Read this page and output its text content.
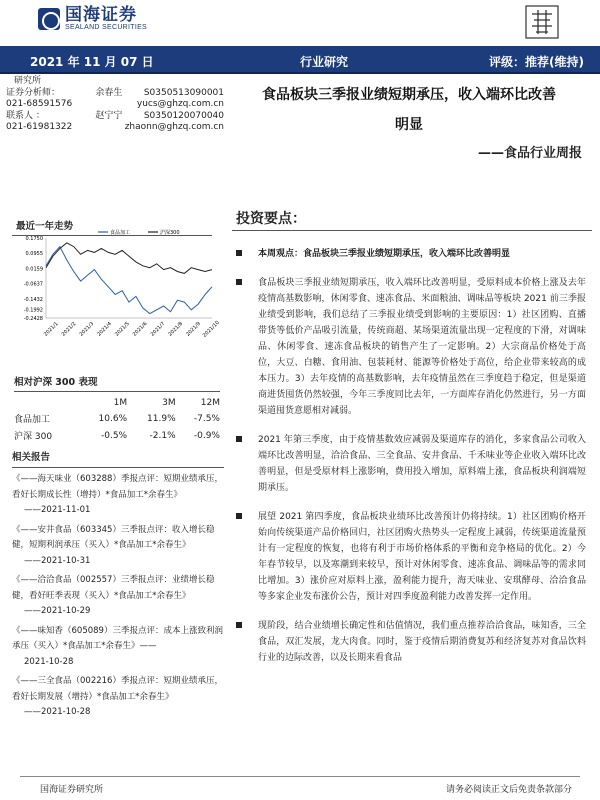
国海证券
SEALAND SECURITIES
2021 年 11 月 07 日	行业研究	评级：推荐(维持)
研究所
证券分析师：	余春生	S0350513090001
021-68591576	yucs@ghzq.com.cn
联系人 ：	赵宁宁	S0350120070040
021-61981322	zhaonn@ghzq.com.cn
最近一年走势
食品加工	沪深300
0.1750
0.0955
0.0159
-0.0637
-0.1432
-0.1992
-0.2428
2021/1 2021/2 2021/3 2021/4 2021/5 2021/6 2021/7 2021/8 2021/9 2021/10
相对沪深 300 表现
	1M	3M	12M
食品加工	10.6%	11.9%	-7.5%
沪深 300	-0.5%	-2.1%	-0.9%
相关报告
《——海天味业（603288）季报点评：短期业绩承压，看好长期成长性（增持）*食品加工*余春生》
——2021-11-01
《——安井食品（603345）三季报点评：收入增长稳健，短期利润承压（买入）*食品加工*余春生》
——2021-10-31
《——洽洽食品（002557）三季报点评：业绩增长稳健，看好旺季表现（买入）*食品加工*余春生》
——2021-10-29
《——味知香（605089）三季报点评：成本上涨致利润承压（买入）*食品加工*余春生》——
2021-10-28
《——三全食品（002216）季报点评：短期业绩承压，看好长期发展（增持）*食品加工*余春生》
——2021-10-28
食品板块三季报业绩短期承压，收入端环比改善
明显
——食品行业周报
投资要点：
本周观点：食品板块三季报业绩短期承压，收入端环比改善明显
食品板块三季报业绩短期承压，收入端环比改善明显，受原料成本价格上涨及去年疫情高基数影响，休闲零食、速冻食品、米面粮油、调味品等板块 2021 前三季报业绩受到影响，我们总结了三季报业绩受到影响的主要原因：1）社区团购、直播带货等低价产品吸引流量，传统商超、某场渠道流量出现一定程度的下滑，对调味品、休闲零食、速冻食品板块的销售产生了一定影响。2）大宗商品价格处于高位，大豆、白糖、食用油、包装耗材、能源等价格处于高位，给企业带来较高的成本压力。3）去年疫情的高基数影响，去年疫情虽然在三季度趋于稳定，但是渠道商进货囤货仍然较强，今年三季度同比去年，一方面库存消化仍然进行，另一方面渠道囤货意愿相对减弱。
2021 年第三季度，由于疫情基数效应减弱及渠道库存的消化，多家食品公司收入端环比改善明显，洽洽食品、三全食品、安井食品、千禾味业等企业收入端环比改善明显，但是受原材料上涨影响，费用投入增加，原料端上涨，食品板块利润端短期承压。
展望 2021 第四季度，食品板块业绩环比改善预计仍将持续。1）社区团购价格开始向传统渠道产品价格回归，社区团购火热势头一定程度上减弱，传统渠道流量预计有一定程度的恢复，也将有利于市场价格体系的平衡和竞争格局的优化。2）今年春节较早，以及寒潮到来较早，预计对休闲零食、速冻食品、调味品等的需求同比增加。3）涨价应对原料上涨，盈利能力提升，海天味业、安琪酵母、洽洽食品等多家企业发布涨价公告，预计对四季度盈利能力改善发挥一定作用。
现阶段，结合业绩增长确定性和估值情况，我们重点推荐洽洽食品，味知香，三全食品，双汇发展，龙大肉食。同时，鉴于疫情后期消费复苏和经济复苏对食品饮料行业的边际改善，以及长期来看食品
国海证券研究所	请务必阅读正文后免责条款部分
